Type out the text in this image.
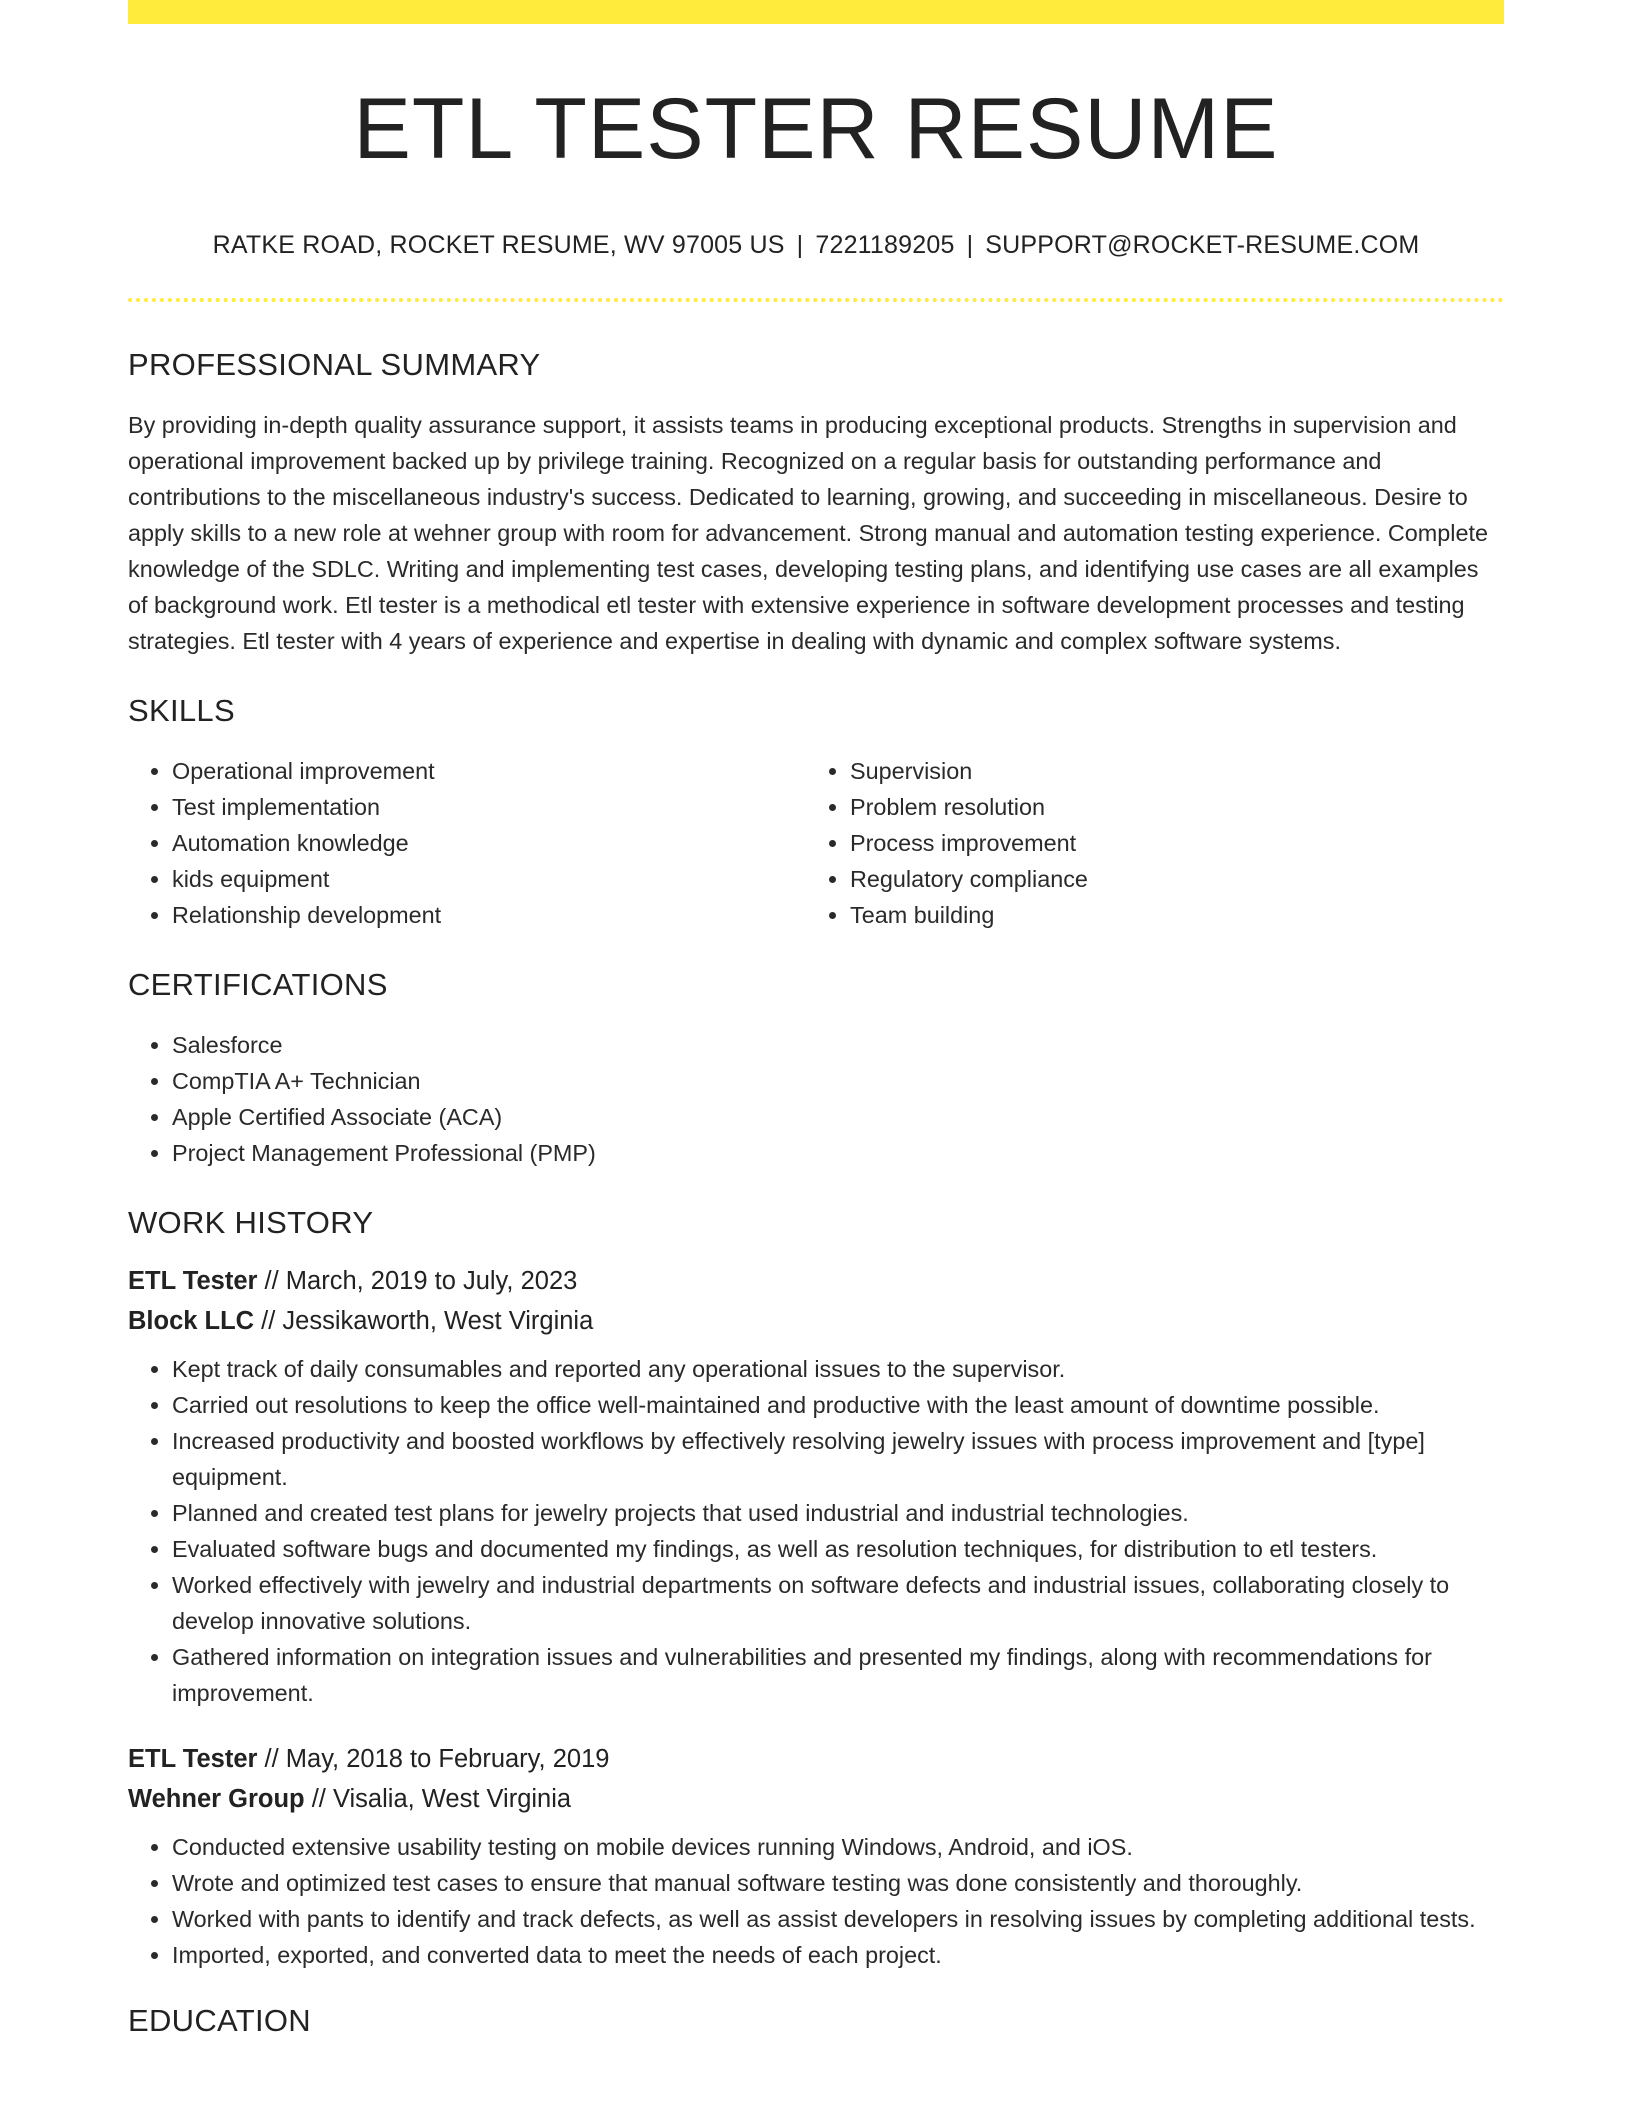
ETL TESTER RESUME
RATKE ROAD, ROCKET RESUME, WV 97005 US | 7221189205 | SUPPORT@ROCKET-RESUME.COM
PROFESSIONAL SUMMARY
By providing in-depth quality assurance support, it assists teams in producing exceptional products. Strengths in supervision and operational improvement backed up by privilege training. Recognized on a regular basis for outstanding performance and contributions to the miscellaneous industry's success. Dedicated to learning, growing, and succeeding in miscellaneous. Desire to apply skills to a new role at wehner group with room for advancement. Strong manual and automation testing experience. Complete knowledge of the SDLC. Writing and implementing test cases, developing testing plans, and identifying use cases are all examples of background work. Etl tester is a methodical etl tester with extensive experience in software development processes and testing strategies. Etl tester with 4 years of experience and expertise in dealing with dynamic and complex software systems.
SKILLS
• Operational improvement
• Test implementation
• Automation knowledge
• kids equipment
• Relationship development
• Supervision
• Problem resolution
• Process improvement
• Regulatory compliance
• Team building
CERTIFICATIONS
• Salesforce
• CompTIA A+ Technician
• Apple Certified Associate (ACA)
• Project Management Professional (PMP)
WORK HISTORY
ETL Tester // March, 2019 to July, 2023
Block LLC // Jessikaworth, West Virginia
• Kept track of daily consumables and reported any operational issues to the supervisor.
• Carried out resolutions to keep the office well-maintained and productive with the least amount of downtime possible.
• Increased productivity and boosted workflows by effectively resolving jewelry issues with process improvement and [type] equipment.
• Planned and created test plans for jewelry projects that used industrial and industrial technologies.
• Evaluated software bugs and documented my findings, as well as resolution techniques, for distribution to etl testers.
• Worked effectively with jewelry and industrial departments on software defects and industrial issues, collaborating closely to develop innovative solutions.
• Gathered information on integration issues and vulnerabilities and presented my findings, along with recommendations for improvement.
ETL Tester // May, 2018 to February, 2019
Wehner Group // Visalia, West Virginia
• Conducted extensive usability testing on mobile devices running Windows, Android, and iOS.
• Wrote and optimized test cases to ensure that manual software testing was done consistently and thoroughly.
• Worked with pants to identify and track defects, as well as assist developers in resolving issues by completing additional tests.
• Imported, exported, and converted data to meet the needs of each project.
EDUCATION
